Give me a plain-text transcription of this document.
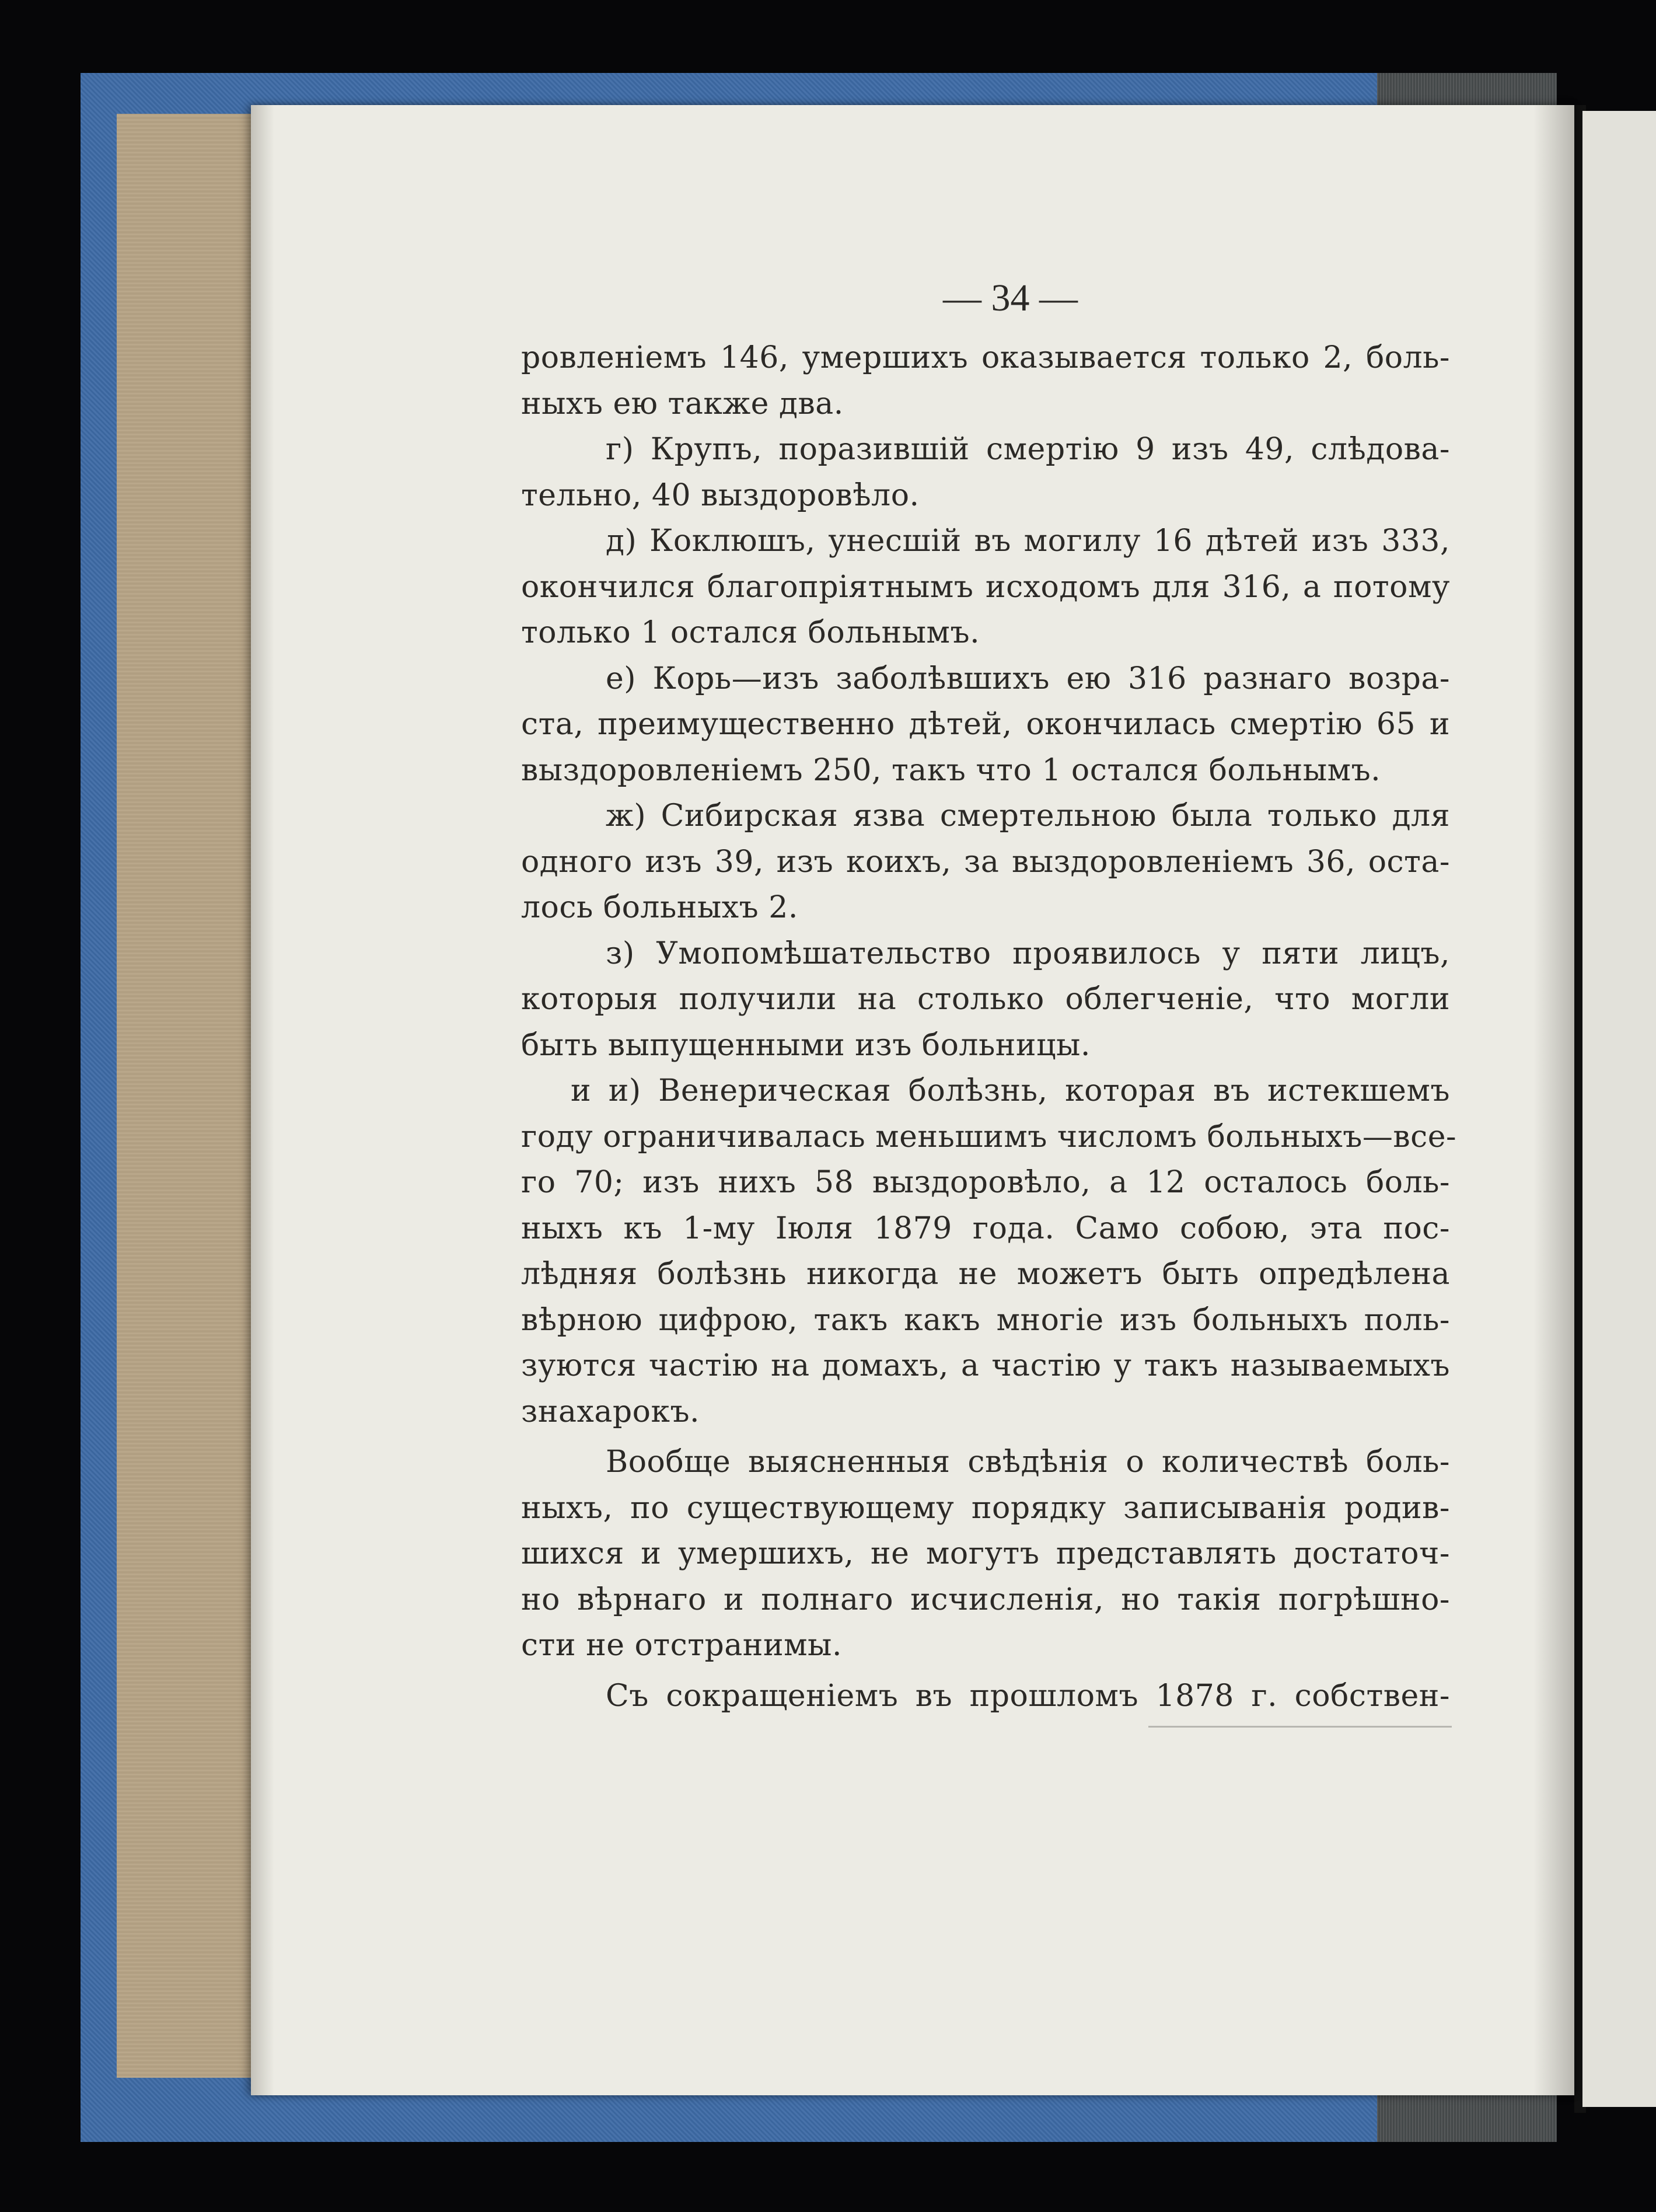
— 34 —
ровленіемъ 146, умершихъ оказывается только 2, боль-
ныхъ ею также два.
г) Крупъ, поразившій смертію 9 изъ 49, слѣдова-
тельно, 40 выздоровѣло.
д) Коклюшъ, унесшій въ могилу 16 дѣтей изъ 333,
окончился благопріятнымъ исходомъ для 316, а потому
только 1 остался больнымъ.
е) Корь—изъ заболѣвшихъ ею 316 разнаго возра-
ста, преимущественно дѣтей, окончилась смертію 65 и
выздоровленіемъ 250, такъ что 1 остался больнымъ.
ж) Сибирская язва смертельною была только для
одного изъ 39, изъ коихъ, за выздоровленіемъ 36, оста-
лось больныхъ 2.
з) Умопомѣшательство проявилось у пяти лицъ,
которыя получили на столько облегченіе, что могли
быть выпущенными изъ больницы.
и и) Венерическая болѣзнь, которая въ истекшемъ
году ограничивалась меньшимъ числомъ больныхъ—все-
го 70; изъ нихъ 58 выздоровѣло, а 12 осталось боль-
ныхъ къ 1-му Іюля 1879 года. Само собою, эта пос-
лѣдняя болѣзнь никогда не можетъ быть опредѣлена
вѣрною цифрою, такъ какъ многіе изъ больныхъ поль-
зуются частію на домахъ, а частію у такъ называемыхъ
знахарокъ.
Вообще выясненныя свѣдѣнія о количествѣ боль-
ныхъ, по существующему порядку записыванія родив-
шихся и умершихъ, не могутъ представлять достаточ-
но вѣрнаго и полнаго исчисленія, но такія погрѣшно-
сти не отстранимы.
Съ сокращеніемъ въ прошломъ 1878 г. собствен-
